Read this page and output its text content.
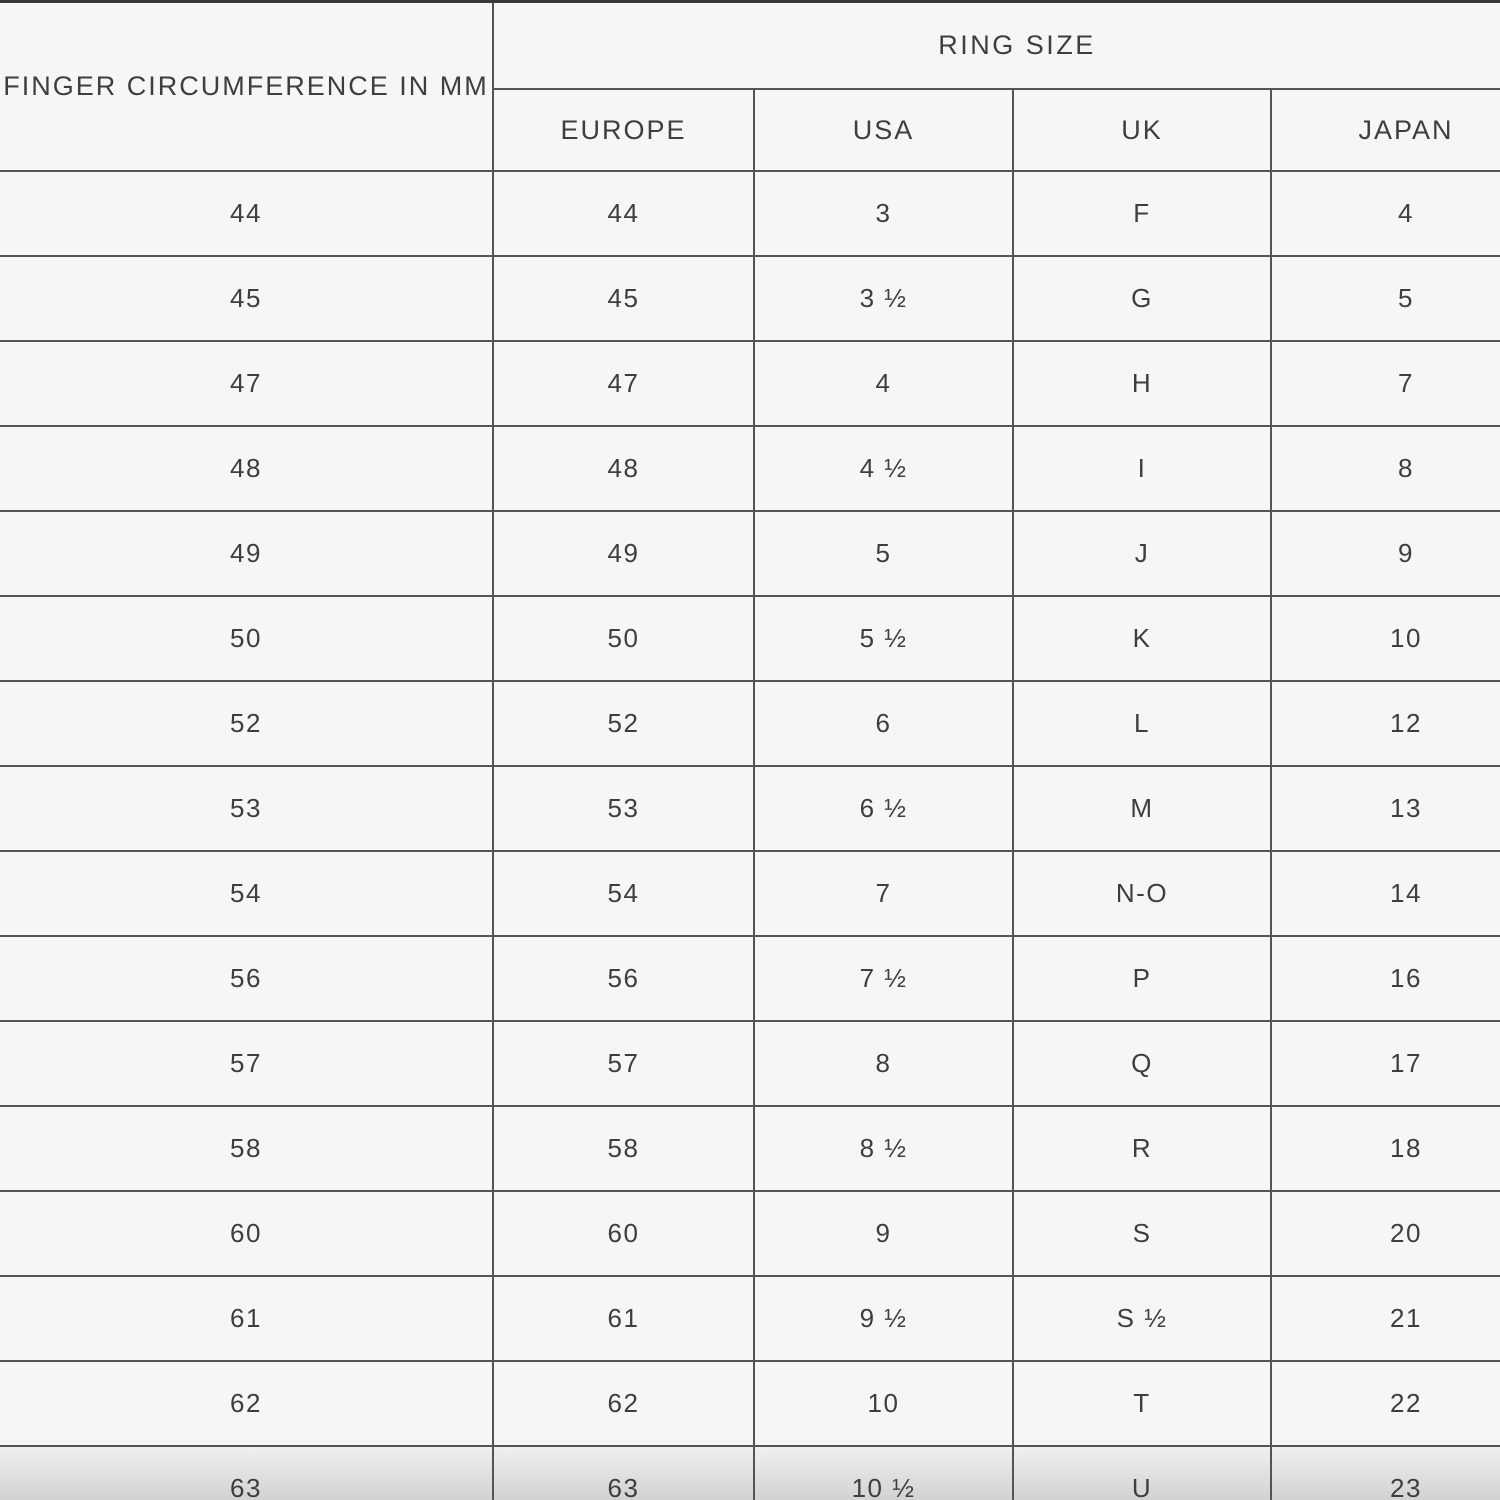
FINGER CIRCUMFERENCE IN MM
RING SIZE
EUROPE	USA	UK	JAPAN
44	44	3	F	4
45	45	3 ½	G	5
47	47	4	H	7
48	48	4 ½	I	8
49	49	5	J	9
50	50	5 ½	K	10
52	52	6	L	12
53	53	6 ½	M	13
54	54	7	N-O	14
56	56	7 ½	P	16
57	57	8	Q	17
58	58	8 ½	R	18
60	60	9	S	20
61	61	9 ½	S ½	21
62	62	10	T	22
63	63	10 ½	U	23
